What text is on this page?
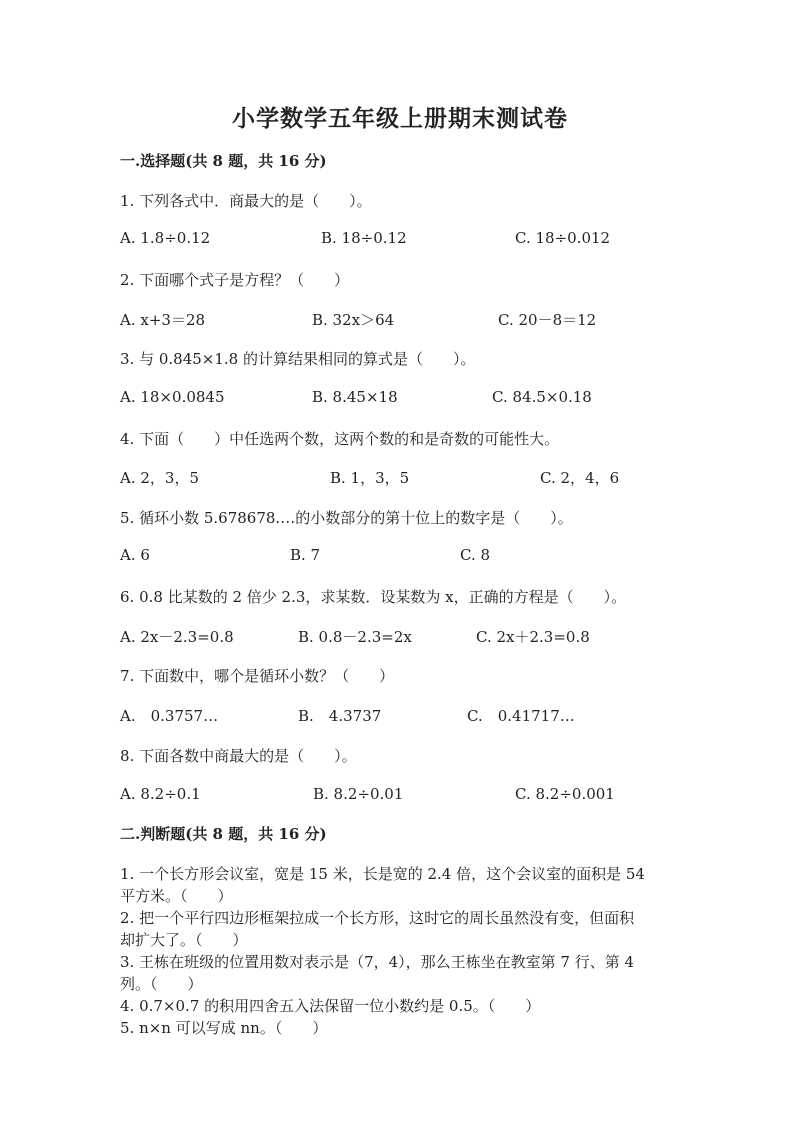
小学数学五年级上册期末测试卷
一.选择题(共 8 题，共 16 分)
1. 下列各式中．商最大的是（　　）。
A. 1.8÷0.12	B. 18÷0.12	C. 18÷0.012
2. 下面哪个式子是方程？（　　）
A. x+3＝28	B. 32x＞64	C. 20－8＝12
3. 与 0.845×1.8 的计算结果相同的算式是（　　）。
A. 18×0.0845	B. 8.45×18	C. 84.5×0.18
4. 下面（　　）中任选两个数，这两个数的和是奇数的可能性大。
A. 2，3，5	B. 1，3，5	C. 2，4，6
5. 循环小数 5.678678.…的小数部分的第十位上的数字是（　　）。
A. 6	B. 7	C. 8
6. 0.8 比某数的 2 倍少 2.3，求某数．设某数为 x，正确的方程是（　　）。
A. 2x－2.3=0.8	B. 0.8－2.3=2x	C. 2x＋2.3=0.8
7. 下面数中，哪个是循环小数？（　　）
A.　0.3757…	B.　4.3737	C.　0.41717…
8. 下面各数中商最大的是（　　）。
A. 8.2÷0.1	B. 8.2÷0.01	C. 8.2÷0.001
二.判断题(共 8 题，共 16 分)
1. 一个长方形会议室，宽是 15 米，长是宽的 2.4 倍，这个会议室的面积是 54
平方米。（　　）
2. 把一个平行四边形框架拉成一个长方形，这时它的周长虽然没有变，但面积
却扩大了。（　　）
3. 王栋在班级的位置用数对表示是（7，4），那么王栋坐在教室第 7 行、第 4
列。（　　）
4. 0.7×0.7 的积用四舍五入法保留一位小数约是 0.5。（　　）
5. n×n 可以写成 nn。（　　）
